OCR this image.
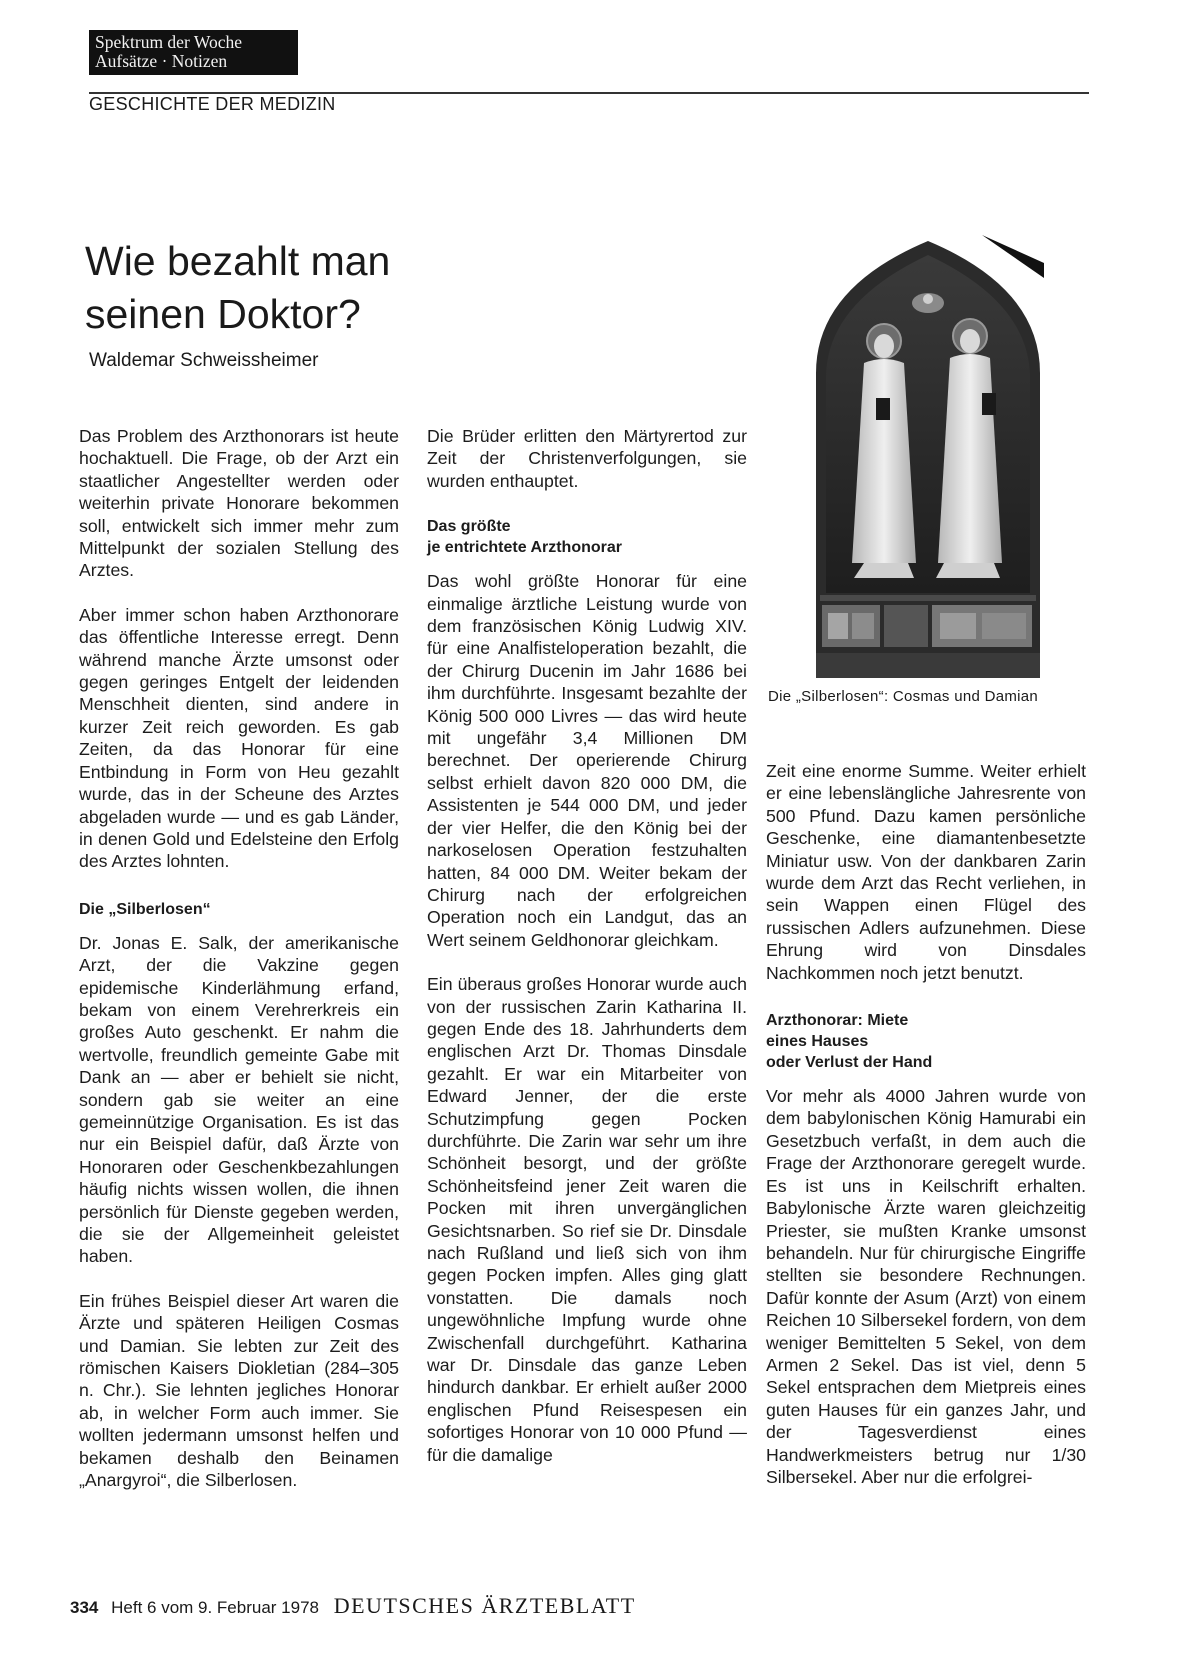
Spektrum der Woche
Aufsätze · Notizen
GESCHICHTE DER MEDIZIN
Wie bezahlt man
seinen Doktor?
Waldemar Schweissheimer

Das Problem des Arzthonorars ist heute hochaktuell. Die Frage, ob der Arzt ein staatlicher Angestellter werden oder weiterhin private Honorare bekommen soll, entwickelt sich immer mehr zum Mittelpunkt der sozialen Stellung des Arztes.

Aber immer schon haben Arzthonorare das öffentliche Interesse erregt. Denn während manche Ärzte umsonst oder gegen geringes Entgelt der leidenden Menschheit dienten, sind andere in kurzer Zeit reich geworden. Es gab Zeiten, da das Honorar für eine Entbindung in Form von Heu gezahlt wurde, das in der Scheune des Arztes abgeladen wurde — und es gab Länder, in denen Gold und Edelsteine den Erfolg des Arztes lohnten.

Die „Silberlosen“

Dr. Jonas E. Salk, der amerikanische Arzt, der die Vakzine gegen epidemische Kinderlähmung erfand, bekam von einem Verehrerkreis ein großes Auto geschenkt. Er nahm die wertvolle, freundlich gemeinte Gabe mit Dank an — aber er behielt sie nicht, sondern gab sie weiter an eine gemeinnützige Organisation. Es ist das nur ein Beispiel dafür, daß Ärzte von Honoraren oder Geschenkbezahlungen häufig nichts wissen wollen, die ihnen persönlich für Dienste gegeben werden, die sie der Allgemeinheit geleistet haben.

Ein frühes Beispiel dieser Art waren die Ärzte und späteren Heiligen Cosmas und Damian. Sie lebten zur Zeit des römischen Kaisers Diokletian (284–305 n. Chr.). Sie lehnten jegliches Honorar ab, in welcher Form auch immer. Sie wollten jedermann umsonst helfen und bekamen deshalb den Beinamen „Anargyroi“, die Silberlosen.

Die Brüder erlitten den Märtyrertod zur Zeit der Christenverfolgungen, sie wurden enthauptet.

Das größte
je entrichtete Arzthonorar

Das wohl größte Honorar für eine einmalige ärztliche Leistung wurde von dem französischen König Ludwig XIV. für eine Analfisteloperation bezahlt, die der Chirurg Ducenin im Jahr 1686 bei ihm durchführte. Insgesamt bezahlte der König 500 000 Livres — das wird heute mit ungefähr 3,4 Millionen DM berechnet. Der operierende Chirurg selbst erhielt davon 820 000 DM, die Assistenten je 544 000 DM, und jeder der vier Helfer, die den König bei der narkoselosen Operation festzuhalten hatten, 84 000 DM. Weiter bekam der Chirurg nach der erfolgreichen Operation noch ein Landgut, das an Wert seinem Geldhonorar gleichkam.

Ein überaus großes Honorar wurde auch von der russischen Zarin Katharina II. gegen Ende des 18. Jahrhunderts dem englischen Arzt Dr. Thomas Dinsdale gezahlt. Er war ein Mitarbeiter von Edward Jenner, der die erste Schutzimpfung gegen Pocken durchführte. Die Zarin war sehr um ihre Schönheit besorgt, und der größte Schönheitsfeind jener Zeit waren die Pocken mit ihren unvergänglichen Gesichtsnarben. So rief sie Dr. Dinsdale nach Rußland und ließ sich von ihm gegen Pocken impfen. Alles ging glatt vonstatten. Die damals noch ungewöhnliche Impfung wurde ohne Zwischenfall durchgeführt. Katharina war Dr. Dinsdale das ganze Leben hindurch dankbar. Er erhielt außer 2000 englischen Pfund Reisespesen ein sofortiges Honorar von 10 000 Pfund — für die damalige

Die „Silberlosen“: Cosmas und Damian

Zeit eine enorme Summe. Weiter erhielt er eine lebenslängliche Jahresrente von 500 Pfund. Dazu kamen persönliche Geschenke, eine diamantenbesetzte Miniatur usw. Von der dankbaren Zarin wurde dem Arzt das Recht verliehen, in sein Wappen einen Flügel des russischen Adlers aufzunehmen. Diese Ehrung wird von Dinsdales Nachkommen noch jetzt benutzt.

Arzthonorar: Miete
eines Hauses
oder Verlust der Hand

Vor mehr als 4000 Jahren wurde von dem babylonischen König Hamurabi ein Gesetzbuch verfaßt, in dem auch die Frage der Arzthonorare geregelt wurde. Es ist uns in Keilschrift erhalten. Babylonische Ärzte waren gleichzeitig Priester, sie mußten Kranke umsonst behandeln. Nur für chirurgische Eingriffe stellten sie besondere Rechnungen. Dafür konnte der Asum (Arzt) von einem Reichen 10 Silbersekel fordern, von dem weniger Bemittelten 5 Sekel, von dem Armen 2 Sekel. Das ist viel, denn 5 Sekel entsprachen dem Mietpreis eines guten Hauses für ein ganzes Jahr, und der Tagesverdienst eines Handwerkmeisters betrug nur 1/30 Silbersekel. Aber nur die erfolgrei-

334 Heft 6 vom 9. Februar 1978 DEUTSCHES ÄRZTEBLATT
